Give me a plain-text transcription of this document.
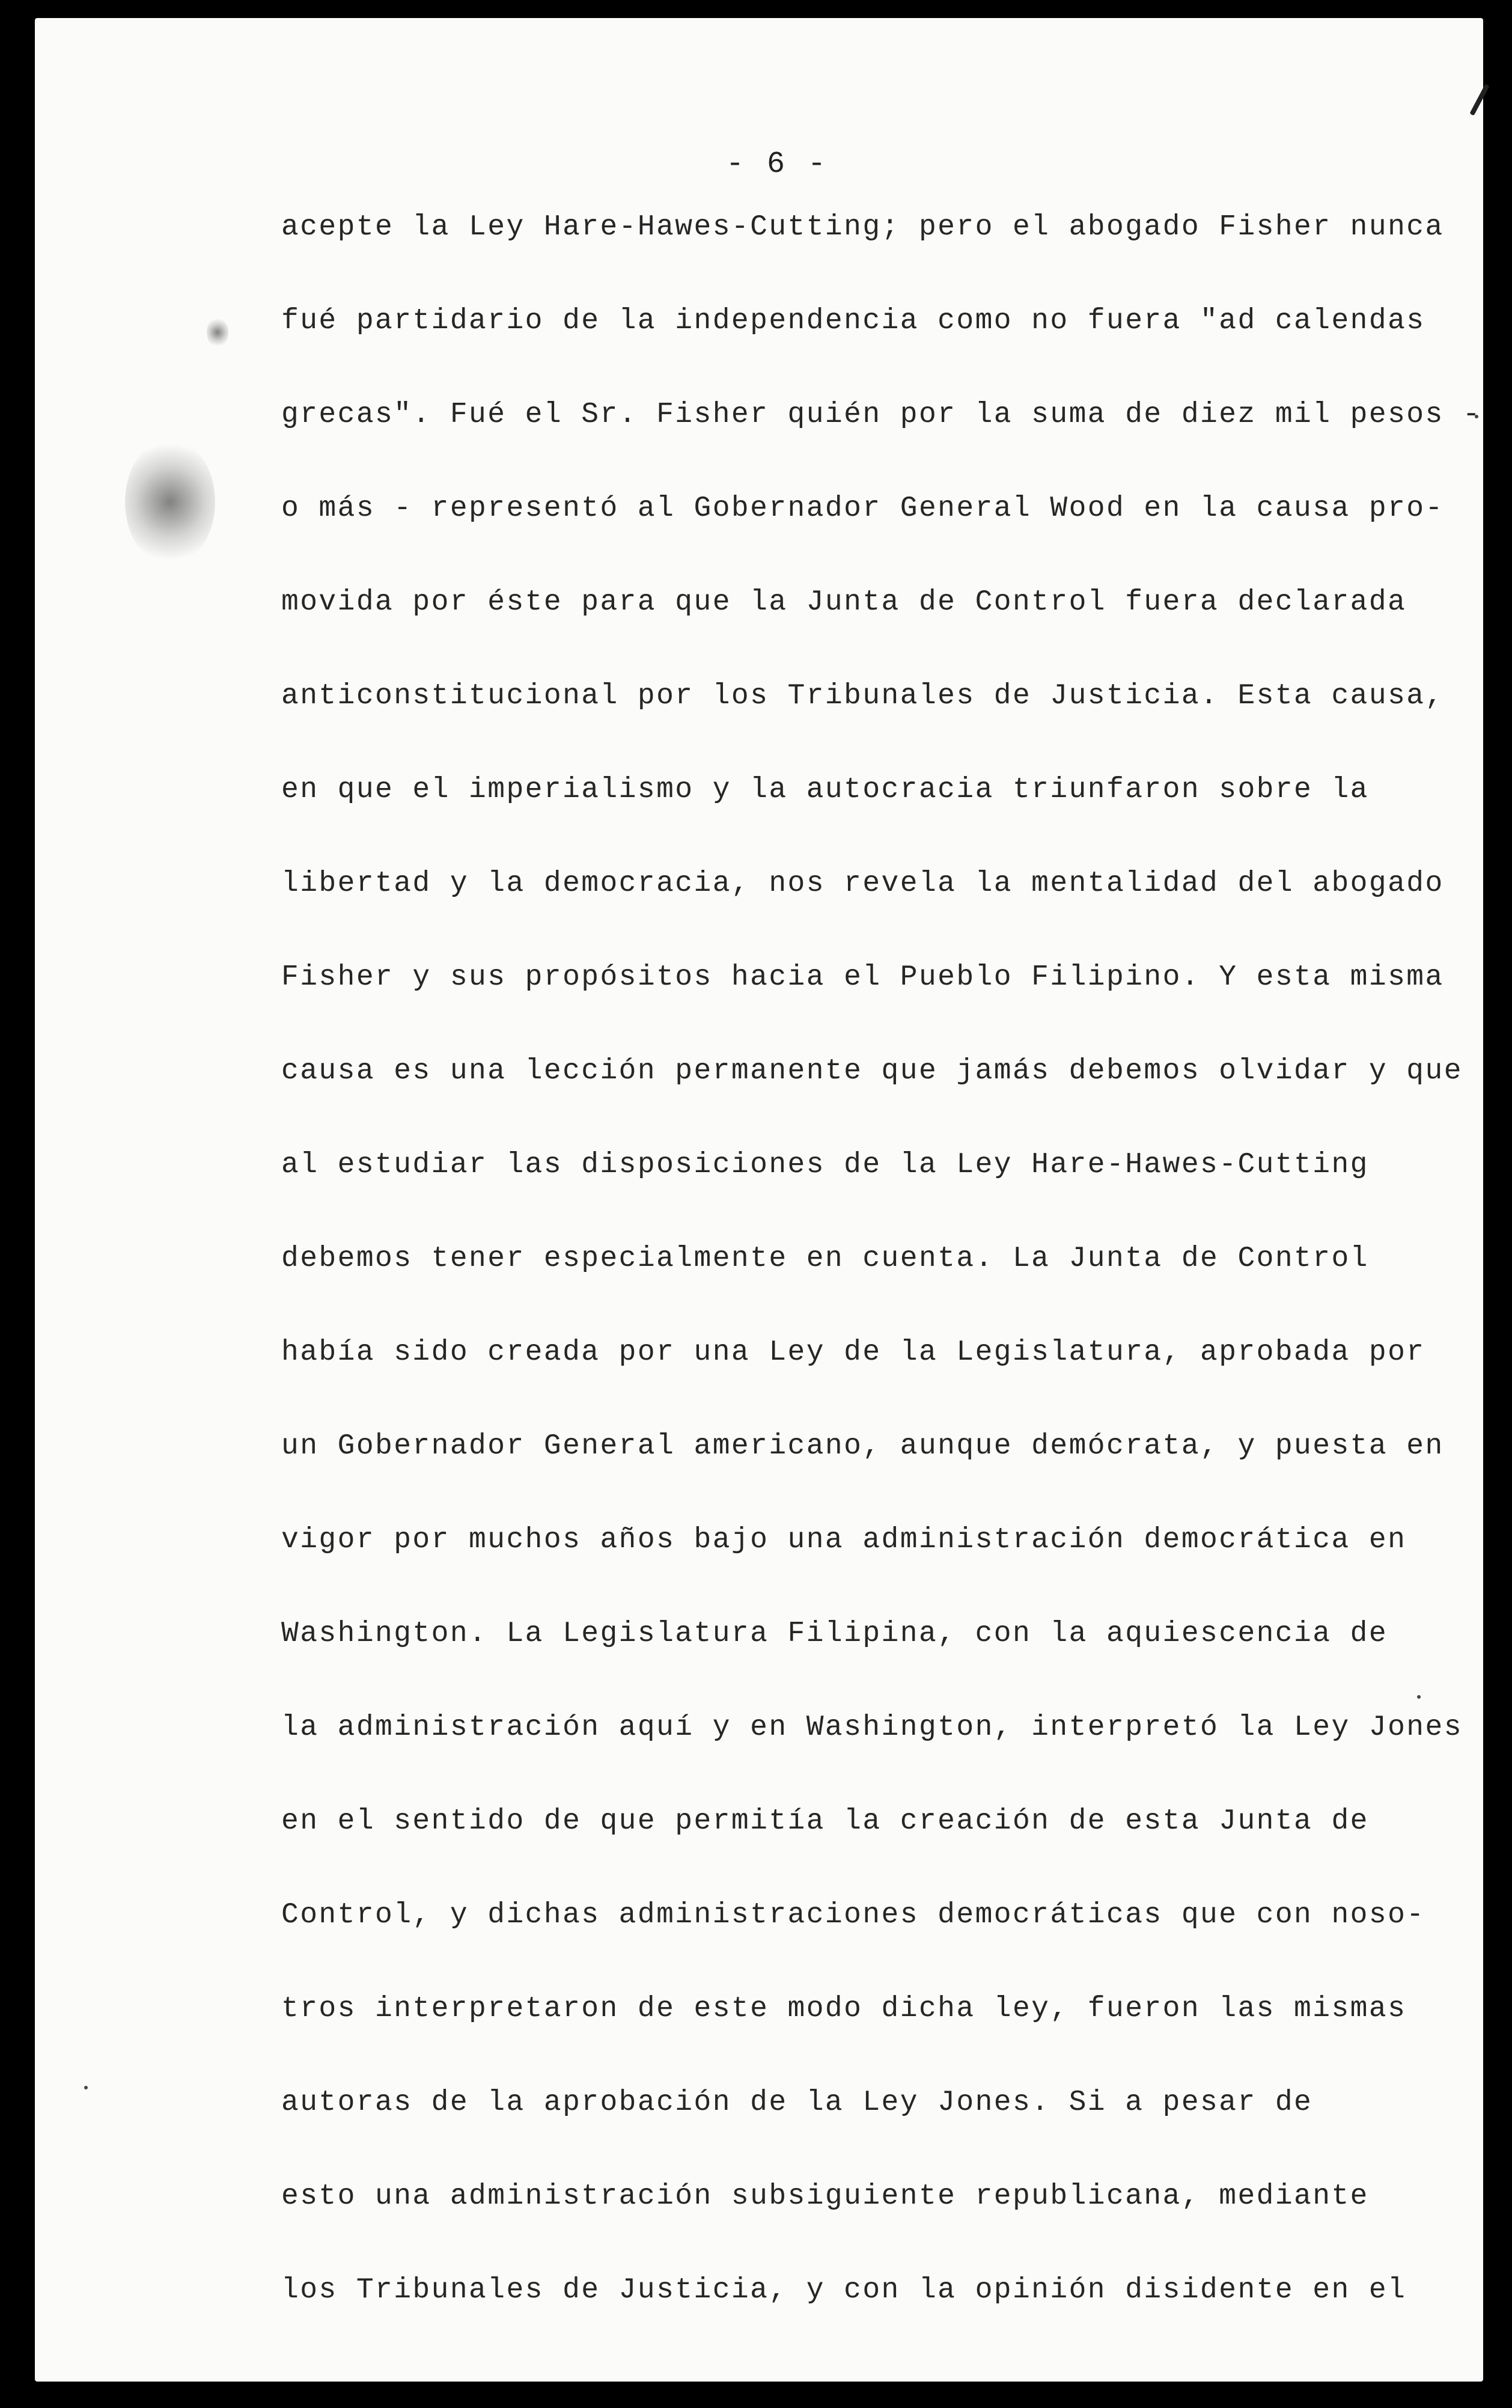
- 6 -
acepte la Ley Hare-Hawes-Cutting; pero el abogado Fisher nunca
fué partidario de la independencia como no fuera "ad calendas
grecas". Fué el Sr. Fisher quién por la suma de diez mil pesos -
o más - representó al Gobernador General Wood en la causa pro-
movida por éste para que la Junta de Control fuera declarada
anticonstitucional por los Tribunales de Justicia. Esta causa,
en que el imperialismo y la autocracia triunfaron sobre la
libertad y la democracia, nos revela la mentalidad del abogado
Fisher y sus propósitos hacia el Pueblo Filipino. Y esta misma
causa es una lección permanente que jamás debemos olvidar y que
al estudiar las disposiciones de la Ley Hare-Hawes-Cutting
debemos tener especialmente en cuenta. La Junta de Control
había sido creada por una Ley de la Legislatura, aprobada por
un Gobernador General americano, aunque demócrata, y puesta en
vigor por muchos años bajo una administración democrática en
Washington. La Legislatura Filipina, con la aquiescencia de
la administración aquí y en Washington, interpretó la Ley Jones
en el sentido de que permitía la creación de esta Junta de
Control, y dichas administraciones democráticas que con noso-
tros interpretaron de este modo dicha ley, fueron las mismas
autoras de la aprobación de la Ley Jones. Si a pesar de
esto una administración subsiguiente republicana, mediante
los Tribunales de Justicia, y con la opinión disidente en el
